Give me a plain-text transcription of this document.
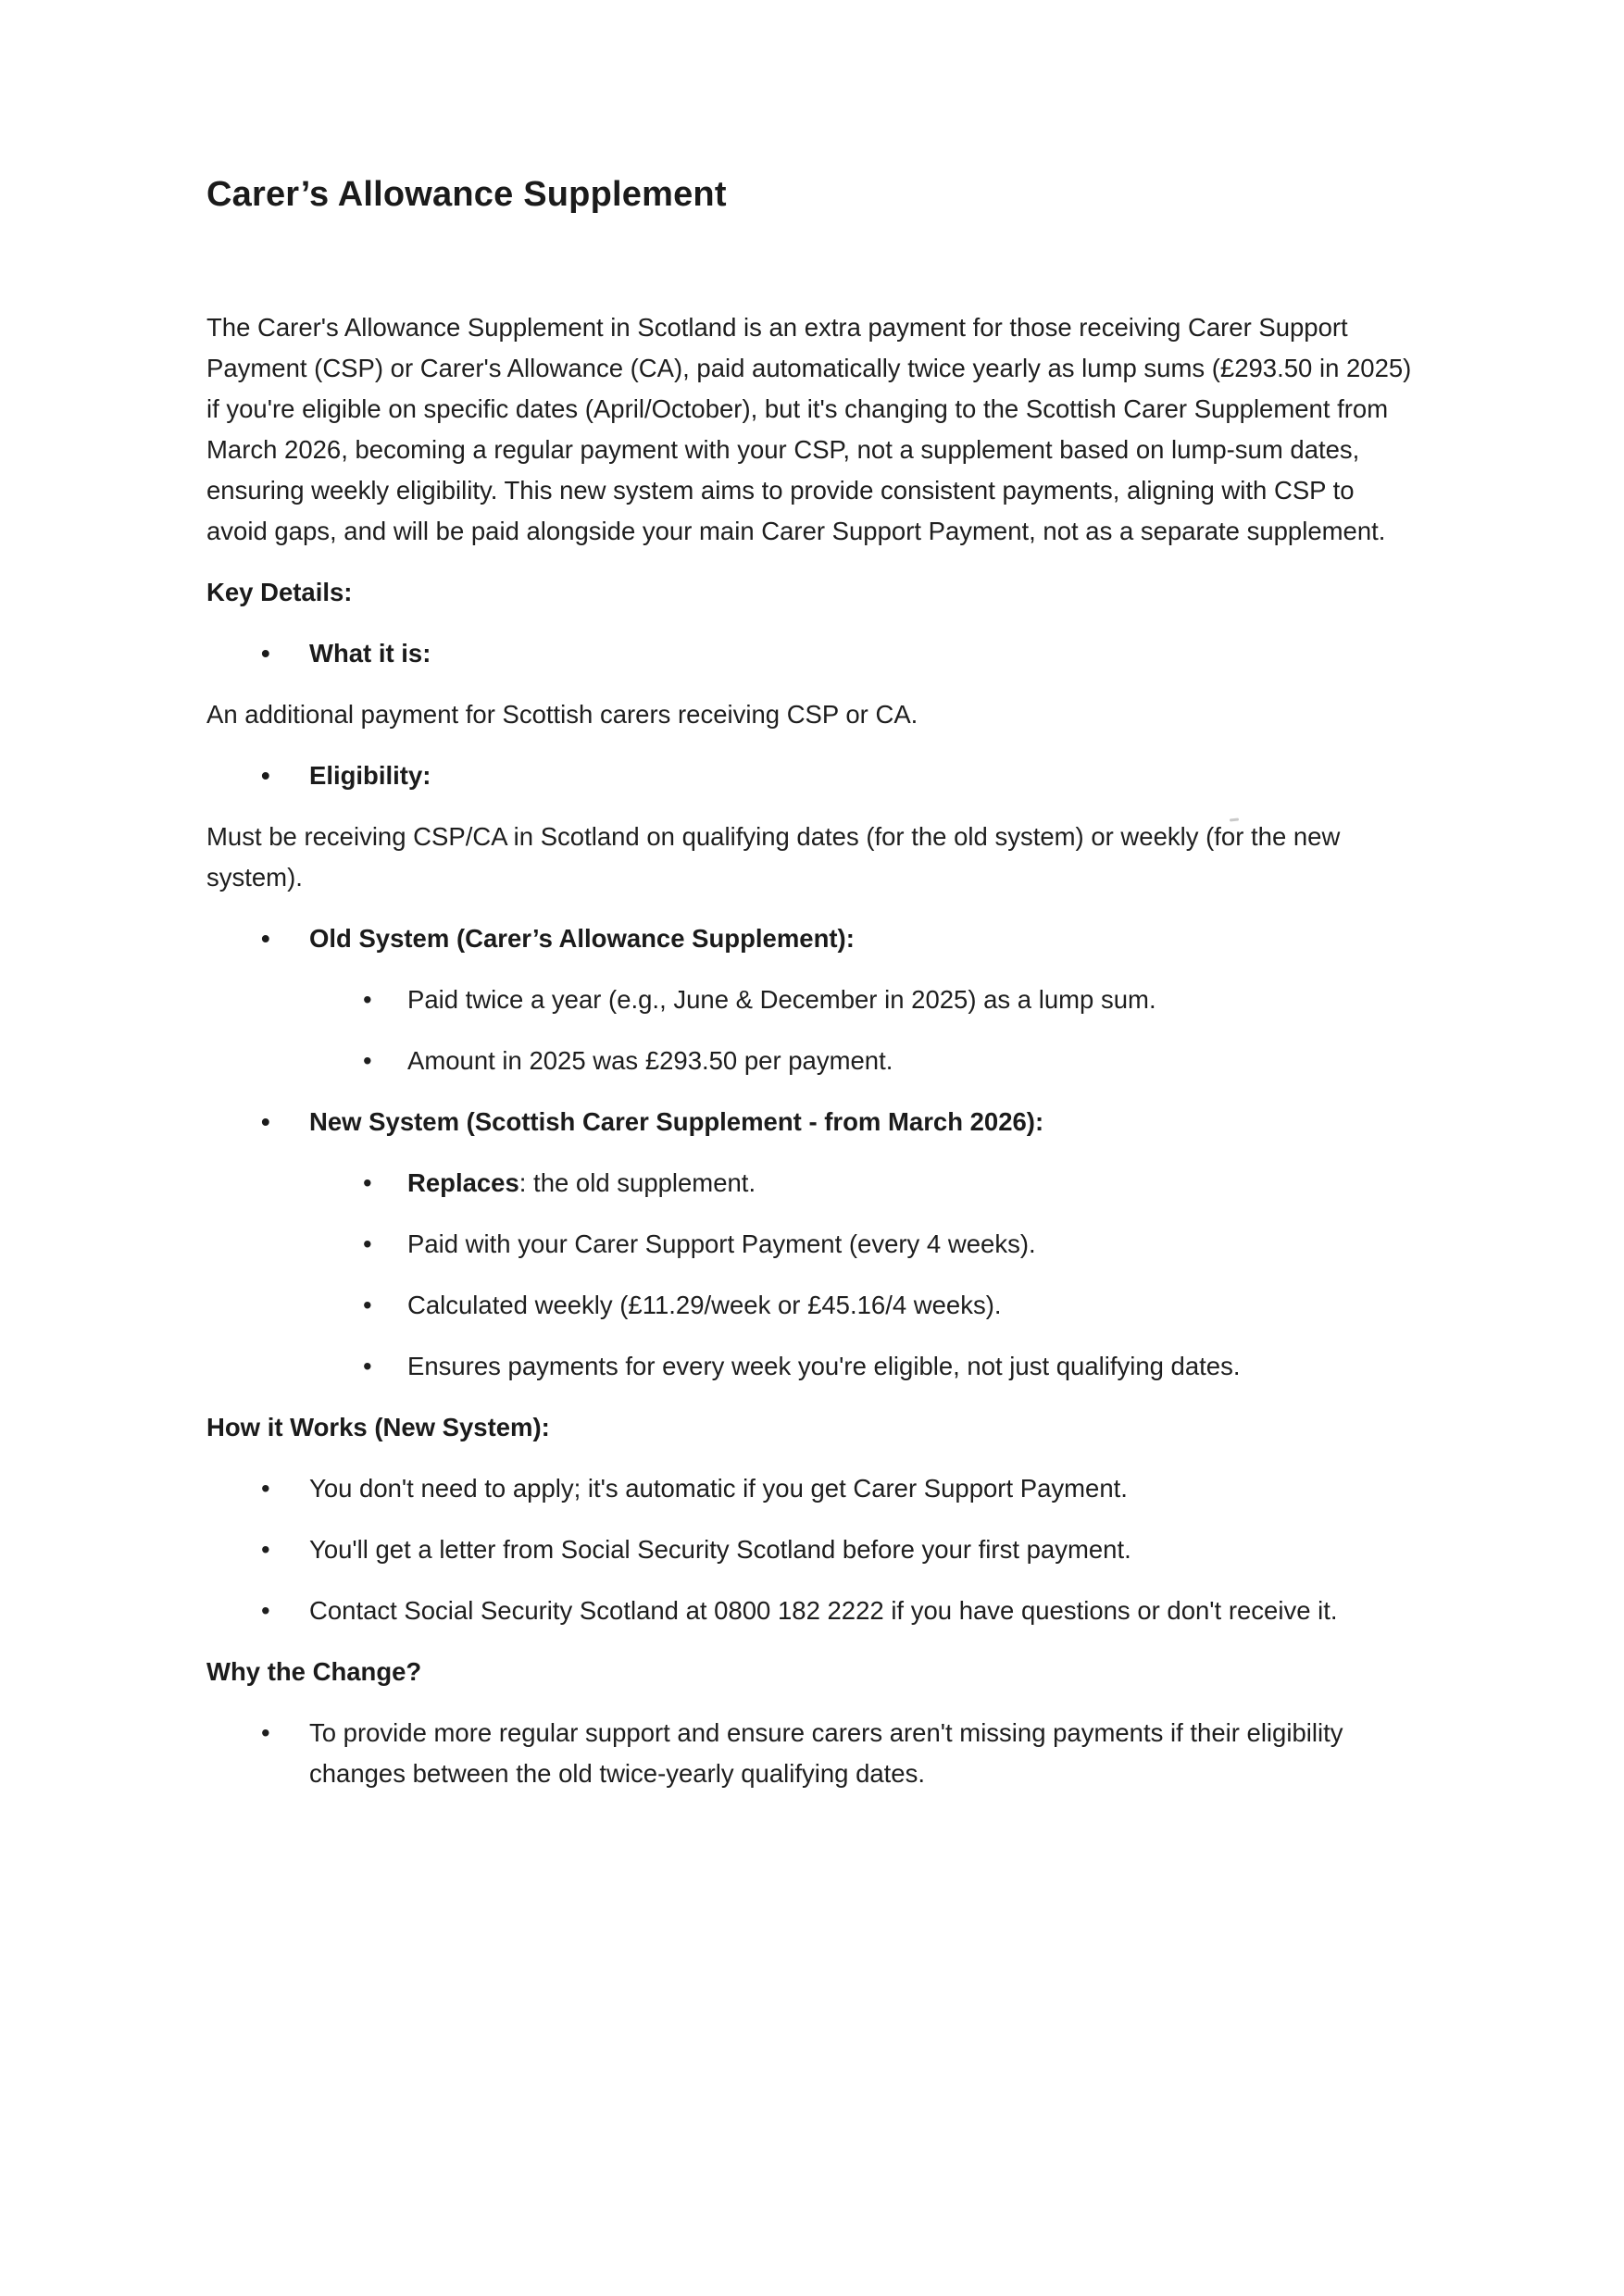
Carer’s Allowance Supplement

The Carer's Allowance Supplement in Scotland is an extra payment for those receiving Carer Support Payment (CSP) or Carer's Allowance (CA), paid automatically twice yearly as lump sums (£293.50 in 2025) if you're eligible on specific dates (April/October), but it's changing to the Scottish Carer Supplement from March 2026, becoming a regular payment with your CSP, not a supplement based on lump-sum dates, ensuring weekly eligibility. This new system aims to provide consistent payments, aligning with CSP to avoid gaps, and will be paid alongside your main Carer Support Payment, not as a separate supplement.

Key Details:
• What it is:

An additional payment for Scottish carers receiving CSP or CA.

• Eligibility:

Must be receiving CSP/CA in Scotland on qualifying dates (for the old system) or weekly (for the new system).

• Old System (Carer’s Allowance Supplement):
• Paid twice a year (e.g., June & December in 2025) as a lump sum.
• Amount in 2025 was £293.50 per payment.
• New System (Scottish Carer Supplement - from March 2026):
• Replaces: the old supplement.
• Paid with your Carer Support Payment (every 4 weeks).
• Calculated weekly (£11.29/week or £45.16/4 weeks).
• Ensures payments for every week you're eligible, not just qualifying dates.
How it Works (New System):
• You don't need to apply; it's automatic if you get Carer Support Payment.
• You'll get a letter from Social Security Scotland before your first payment.
• Contact Social Security Scotland at 0800 182 2222 if you have questions or don't receive it.
Why the Change?
• To provide more regular support and ensure carers aren't missing payments if their eligibility changes between the old twice-yearly qualifying dates.
